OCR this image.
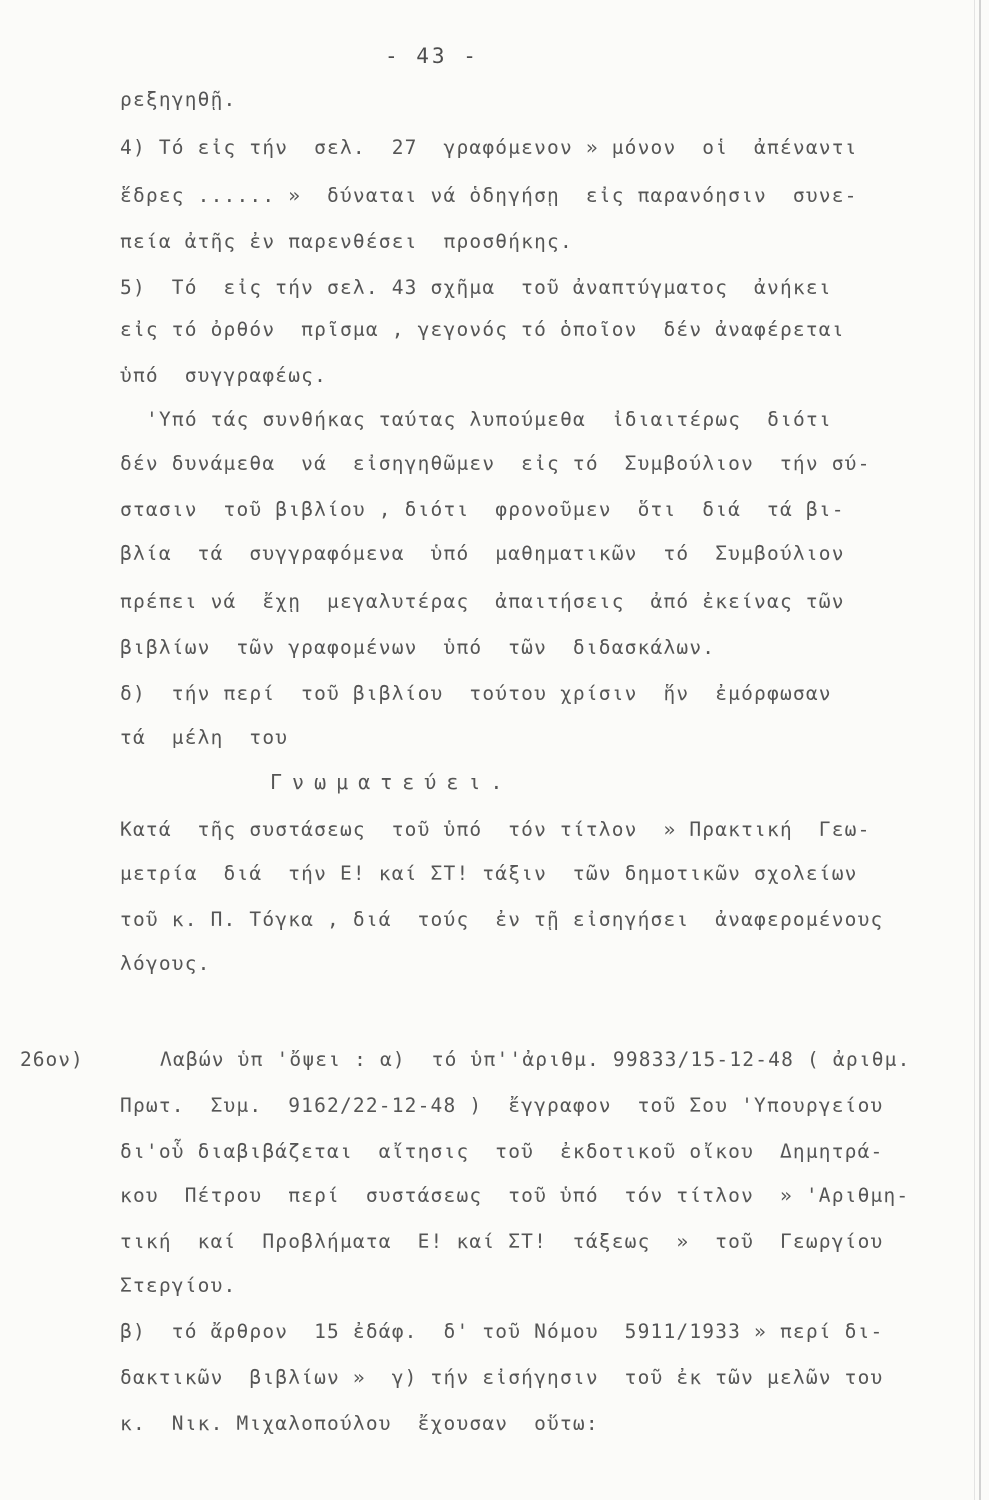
- 43 -
ρεξηγηθῇ.
4) Τό εἰς τήν  σελ.  27  γραφόμενον » μόνον  οἱ  ἀπέναντι
ἕδρες ...... »  δύναται νά ὁδηγήσῃ  εἰς παρανόησιν  συνε-
πεία ἀτῆς ἐν παρενθέσει  προσθήκης.
5)  Τό  εἰς τήν σελ. 43 σχῆμα  τοῦ ἀναπτύγματος  ἀνήκει
εἰς τό ὀρθόν  πρῖσμα , γεγονός τό ὁποῖον  δέν ἀναφέρεται
ὑπό  συγγραφέως.
'Υπό τάς συνθήκας ταύτας λυπούμεθα  ἰδιαιτέρως  διότι
δέν δυνάμεθα  νά  εἰσηγηθῶμεν  εἰς τό  Συμβούλιον  τήν σύ-
στασιν  τοῦ βιβλίου , διότι  φρονοῦμεν  ὅτι  διά  τά βι-
βλία  τά  συγγραφόμενα  ὑπό  μαθηματικῶν  τό  Συμβούλιον
πρέπει νά  ἔχῃ  μεγαλυτέρας  ἀπαιτήσεις  ἀπό ἐκείνας τῶν
βιβλίων  τῶν γραφομένων  ὑπό  τῶν  διδασκάλων.
δ)  τήν περί  τοῦ βιβλίου  τούτου χρίσιν  ἥν  ἐμόρφωσαν
τά  μέλη  του
Γνωματεύει.
Κατά  τῆς συστάσεως  τοῦ ὑπό  τόν τίτλον  » Πρακτική  Γεω-
μετρία  διά  τήν Ε! καί ΣΤ! τάξιν  τῶν δημοτικῶν σχολείων
τοῦ κ. Π. Τόγκα , διά  τούς  ἐν τῇ εἰσηγήσει  ἀναφερομένους
λόγους.
26ον)	Λαβών ὑπ 'ὄψει : α)  τό ὑπ''ἀριθμ. 99833/15-12-48 ( ἀριθμ.
Πρωτ.  Συμ.  9162/22-12-48 )  ἔγγραφον  τοῦ Σου 'Υπουργείου
δι'οὗ διαβιβάζεται  αἴτησις  τοῦ  ἐκδοτικοῦ οἴκου  Δημητρά-
κου  Πέτρου  περί  συστάσεως  τοῦ ὑπό  τόν τίτλον  » 'Αριθμη-
τική  καί  Προβλήματα  Ε! καί ΣΤ!  τάξεως  »  τοῦ  Γεωργίου
Στεργίου.
β)  τό ἄρθρον  15 ἐδάφ.  δ' τοῦ Νόμου  5911/1933 » περί δι-
δακτικῶν  βιβλίων »  γ) τήν εἰσήγησιν  τοῦ ἐκ τῶν μελῶν του
κ.  Νικ. Μιχαλοπούλου  ἔχουσαν  οὕτω:
